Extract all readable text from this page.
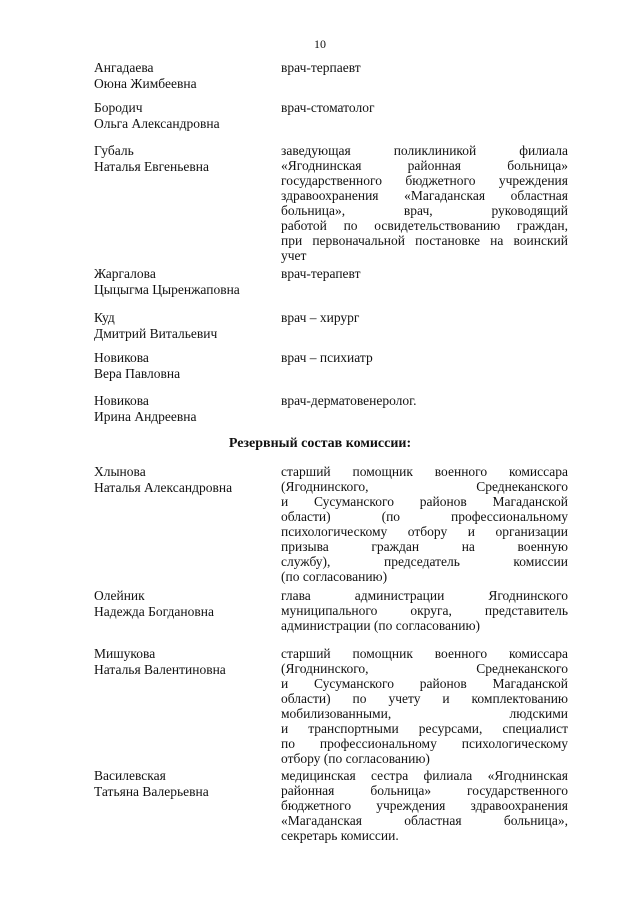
10
Ангадаева
Оюна Жимбеевна
врач-терпаевт
Бородич
Ольга Александровна
врач-стоматолог
Губаль
Наталья Евгеньевна
заведующая поликлиникой филиала
«Ягоднинская районная больница»
государственного бюджетного учреждения
здравоохранения «Магаданская областная
больница», врач, руководящий
работой по освидетельствованию граждан,
при первоначальной постановке на воинский
учет
Жаргалова
Цыцыгма Цыренжаповна
врач-терапевт
Куд
Дмитрий Витальевич
врач – хирург
Новикова
Вера Павловна
врач – психиатр
Новикова
Ирина Андреевна
врач-дерматовенеролог.
Резервный состав комиссии:
Хлынова
Наталья Александровна
старший помощник военного комиссара
(Ягоднинского, Среднеканского
и Сусуманского районов Магаданской
области) (по профессиональному
психологическому отбору и организации
призыва граждан на военную
службу), председатель комиссии
(по согласованию)
Олейник
Надежда Богдановна
глава администрации Ягоднинского
муниципального округа, представитель
администрации (по согласованию)
Мишукова
Наталья Валентиновна
старший помощник военного комиссара
(Ягоднинского, Среднеканского
и Сусуманского районов Магаданской
области) по учету и комплектованию
мобилизованными, людскими
и транспортными ресурсами, специалист
по профессиональному психологическому
отбору (по согласованию)
Василевская
Татьяна Валерьевна
медицинская сестра филиала «Ягоднинская
районная больница» государственного
бюджетного учреждения здравоохранения
«Магаданская областная больница»,
секретарь комиссии.
